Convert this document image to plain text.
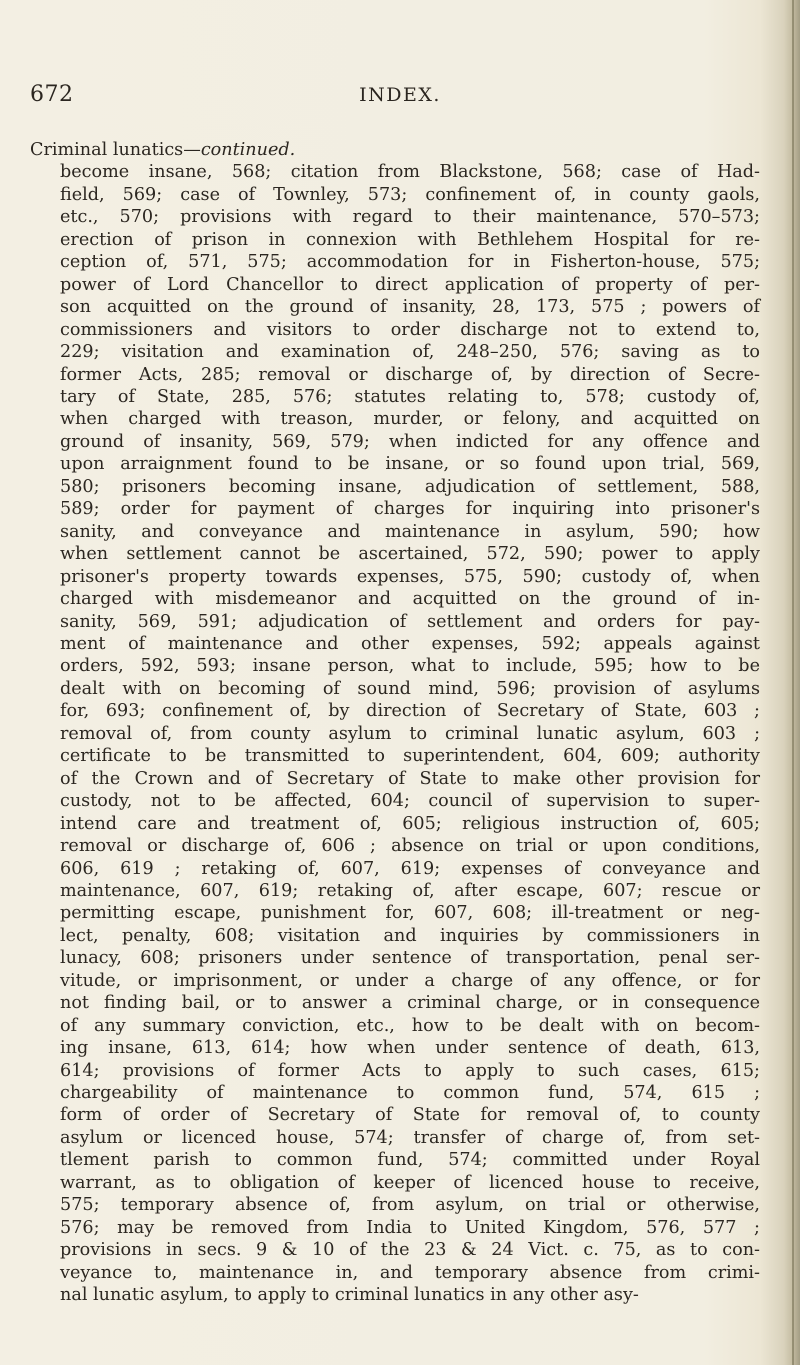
672	INDEX.
Criminal lunatics—continued.
become insane, 568; citation from Blackstone, 568; case of Had-
field, 569; case of Townley, 573; confinement of, in county gaols,
etc., 570; provisions with regard to their maintenance, 570–573;
erection of prison in connexion with Bethlehem Hospital for re-
ception of, 571, 575; accommodation for in Fisherton-house, 575;
power of Lord Chancellor to direct application of property of per-
son acquitted on the ground of insanity, 28, 173, 575 ; powers of
commissioners and visitors to order discharge not to extend to,
229; visitation and examination of, 248–250, 576; saving as to
former Acts, 285; removal or discharge of, by direction of Secre-
tary of State, 285, 576; statutes relating to, 578; custody of,
when charged with treason, murder, or felony, and acquitted on
ground of insanity, 569, 579; when indicted for any offence and
upon arraignment found to be insane, or so found upon trial, 569,
580; prisoners becoming insane, adjudication of settlement, 588,
589; order for payment of charges for inquiring into prisoner's
sanity, and conveyance and maintenance in asylum, 590; how
when settlement cannot be ascertained, 572, 590; power to apply
prisoner's property towards expenses, 575, 590; custody of, when
charged with misdemeanor and acquitted on the ground of in-
sanity, 569, 591; adjudication of settlement and orders for pay-
ment of maintenance and other expenses, 592; appeals against
orders, 592, 593; insane person, what to include, 595; how to be
dealt with on becoming of sound mind, 596; provision of asylums
for, 693; confinement of, by direction of Secretary of State, 603 ;
removal of, from county asylum to criminal lunatic asylum, 603 ;
certificate to be transmitted to superintendent, 604, 609; authority
of the Crown and of Secretary of State to make other provision for
custody, not to be affected, 604; council of supervision to super-
intend care and treatment of, 605; religious instruction of, 605;
removal or discharge of, 606 ; absence on trial or upon conditions,
606, 619 ; retaking of, 607, 619; expenses of conveyance and
maintenance, 607, 619; retaking of, after escape, 607; rescue or
permitting escape, punishment for, 607, 608; ill-treatment or neg-
lect, penalty, 608; visitation and inquiries by commissioners in
lunacy, 608; prisoners under sentence of transportation, penal ser-
vitude, or imprisonment, or under a charge of any offence, or for
not finding bail, or to answer a criminal charge, or in consequence
of any summary conviction, etc., how to be dealt with on becom-
ing insane, 613, 614; how when under sentence of death, 613,
614; provisions of former Acts to apply to such cases, 615;
chargeability of maintenance to common fund, 574, 615 ;
form of order of Secretary of State for removal of, to county
asylum or licenced house, 574; transfer of charge of, from set-
tlement parish to common fund, 574; committed under Royal
warrant, as to obligation of keeper of licenced house to receive,
575; temporary absence of, from asylum, on trial or otherwise,
576; may be removed from India to United Kingdom, 576, 577 ;
provisions in secs. 9 & 10 of the 23 & 24 Vict. c. 75, as to con-
veyance to, maintenance in, and temporary absence from crimi-
nal lunatic asylum, to apply to criminal lunatics in any other asy-
